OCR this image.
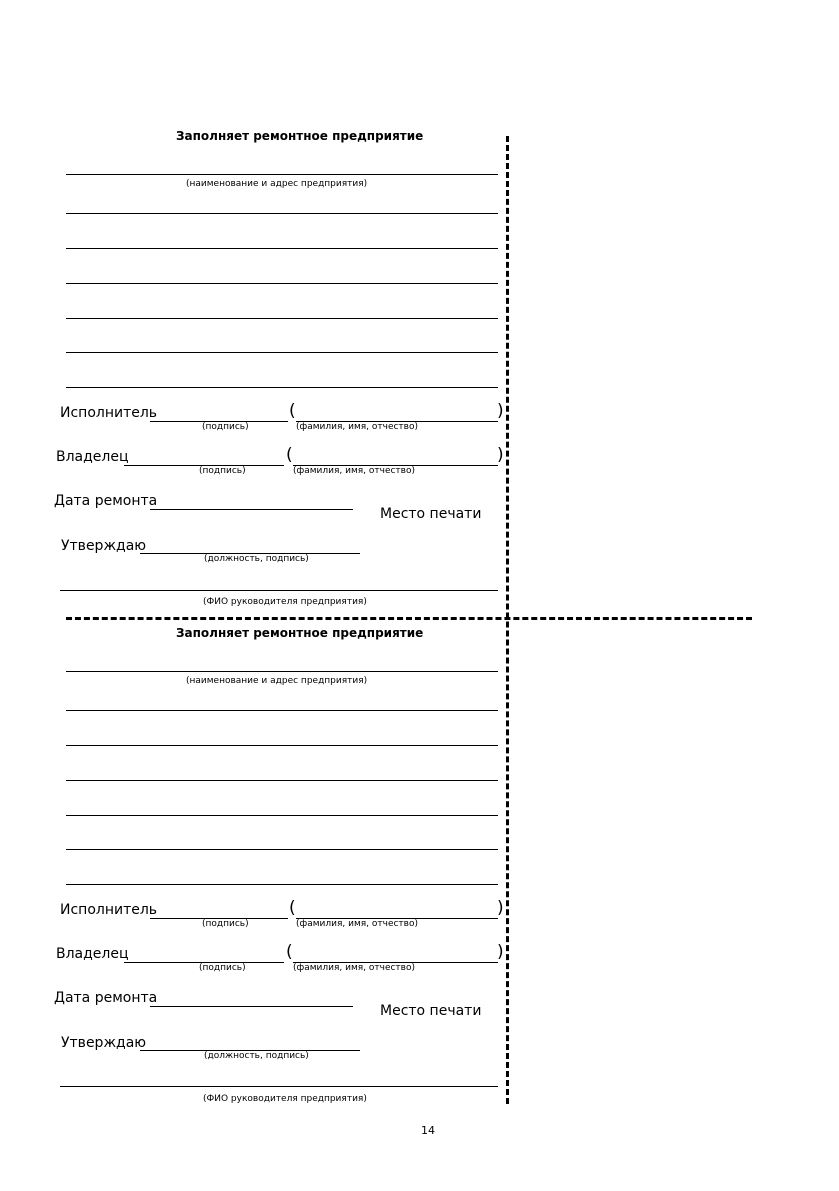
Заполняет ремонтное предприятие
(наименование и адрес предприятия)
Исполнитель
(подпись)
(	)
(фамилия, имя, отчество)
Владелец
(подпись)
(	)
(фамилия, имя, отчество)
Дата ремонта
Место печати
Утверждаю
(должность, подпись)
(ФИО руководителя предприятия)
Заполняет ремонтное предприятие
(наименование и адрес предприятия)
Исполнитель
(подпись)
(	)
(фамилия, имя, отчество)
Владелец
(подпись)
(	)
(фамилия, имя, отчество)
Дата ремонта
Место печати
Утверждаю
(должность, подпись)
(ФИО руководителя предприятия)
14
